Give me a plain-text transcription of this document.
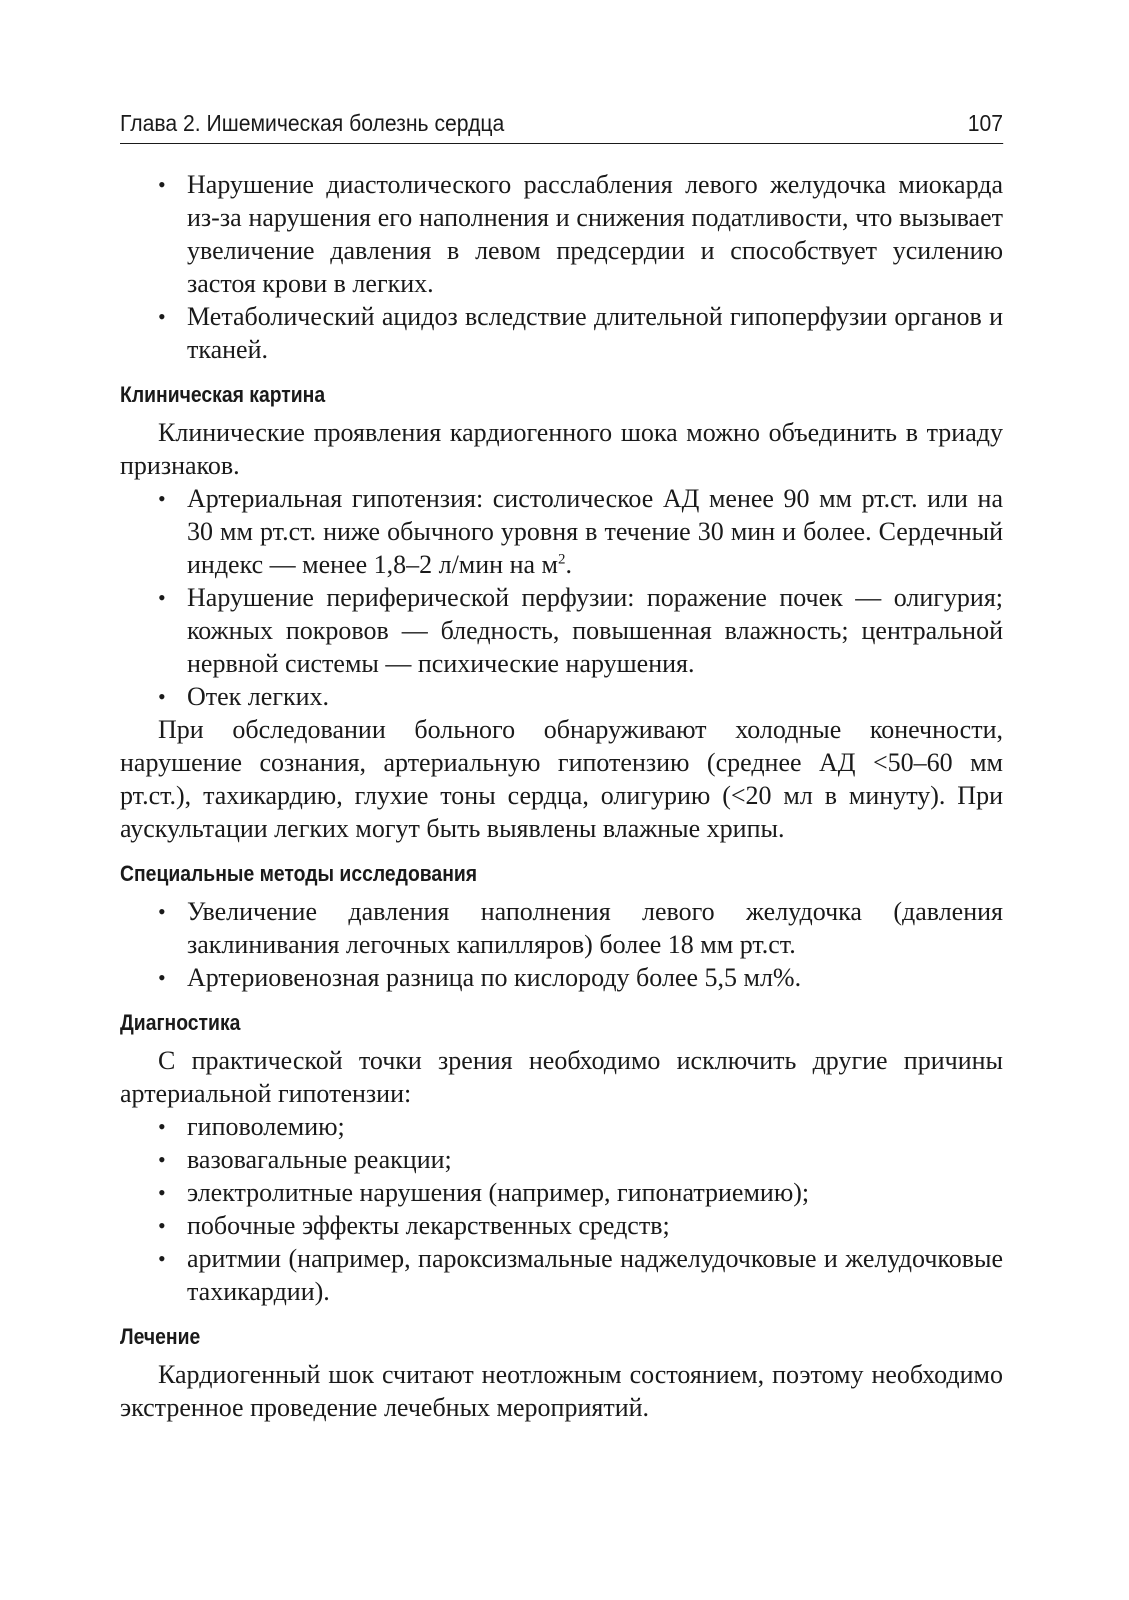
Глава 2. Ишемическая болезнь сердца	107
• Нарушение диастолического расслабления левого желудочка миокарда из-за нарушения его наполнения и снижения податливости, что вызывает увеличение давления в левом предсердии и способствует усилению застоя крови в легких.
• Метаболический ацидоз вследствие длительной гипоперфузии органов и тканей.
Клиническая картина

Клинические проявления кардиогенного шока можно объединить в триаду признаков.

• Артериальная гипотензия: систолическое АД менее 90 мм рт.ст. или на 30 мм рт.ст. ниже обычного уровня в течение 30 мин и более. Сердечный индекс — менее 1,8–2 л/мин на $м^2$.
• Нарушение периферической перфузии: поражение почек — олигурия; кожных покровов — бледность, повышенная влажность; центральной нервной системы — психические нарушения.
• Отек легких.

При обследовании больного обнаруживают холодные конечности, нарушение сознания, артериальную гипотензию (среднее АД <50–60 мм рт.ст.), тахикардию, глухие тоны сердца, олигурию (<20 мл в минуту). При аускультации легких могут быть выявлены влажные хрипы.

Специальные методы исследования
• Увеличение давления наполнения левого желудочка (давления заклинивания легочных капилляров) более 18 мм рт.ст.
• Артериовенозная разница по кислороду более 5,5 мл%.
Диагностика

С практической точки зрения необходимо исключить другие причины артериальной гипотензии:

• гиповолемию;
• вазовагальные реакции;
• электролитные нарушения (например, гипонатриемию);
• побочные эффекты лекарственных средств;
• аритмии (например, пароксизмальные наджелудочковые и желудочковые тахикардии).
Лечение

Кардиогенный шок считают неотложным состоянием, поэтому необходимо экстренное проведение лечебных мероприятий.
